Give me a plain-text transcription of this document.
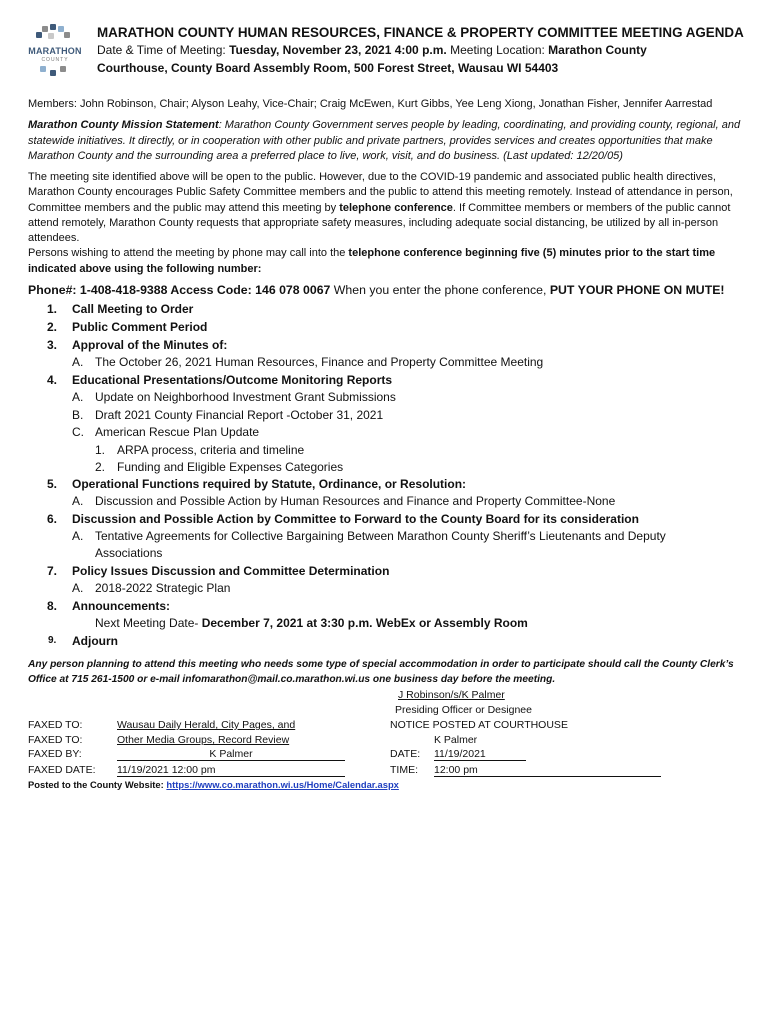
MARATHON
COUNTY
MARATHON COUNTY HUMAN RESOURCES, FINANCE & PROPERTY COMMITTEE MEETING AGENDA
Date & Time of Meeting: Tuesday, November 23, 2021 4:00 p.m. Meeting Location: Marathon County
Courthouse, County Board Assembly Room, 500 Forest Street, Wausau WI 54403
Members: John Robinson, Chair; Alyson Leahy, Vice-Chair; Craig McEwen, Kurt Gibbs, Yee Leng Xiong, Jonathan Fisher, Jennifer Aarrestad
Marathon County Mission Statement: Marathon County Government serves people by leading, coordinating, and providing county, regional, and statewide initiatives. It directly, or in cooperation with other public and private partners, provides services and creates opportunities that make Marathon County and the surrounding area a preferred place to live, work, visit, and do business. (Last updated: 12/20/05)
The meeting site identified above will be open to the public. However, due to the COVID-19 pandemic and associated public health directives, Marathon County encourages Public Safety Committee members and the public to attend this meeting remotely. Instead of attendance in person, Committee members and the public may attend this meeting by telephone conference. If Committee members or members of the public cannot attend remotely, Marathon County requests that appropriate safety measures, including adequate social distancing, be utilized by all in-person attendees.
Persons wishing to attend the meeting by phone may call into the telephone conference beginning five (5) minutes prior to the start time indicated above using the following number:
Phone#: 1-408-418-9388 Access Code: 146 078 0067 When you enter the phone conference, PUT YOUR PHONE ON MUTE!
1. Call Meeting to Order
2. Public Comment Period
3. Approval of the Minutes of:
A. The October 26, 2021 Human Resources, Finance and Property Committee Meeting
4. Educational Presentations/Outcome Monitoring Reports
A. Update on Neighborhood Investment Grant Submissions
B. Draft 2021 County Financial Report -October 31, 2021
C. American Rescue Plan Update
1. ARPA process, criteria and timeline
2. Funding and Eligible Expenses Categories
5. Operational Functions required by Statute, Ordinance, or Resolution:
A. Discussion and Possible Action by Human Resources and Finance and Property Committee-None
6. Discussion and Possible Action by Committee to Forward to the County Board for its consideration
A. Tentative Agreements for Collective Bargaining Between Marathon County Sheriff’s Lieutenants and Deputy
Associations
7. Policy Issues Discussion and Committee Determination
A. 2018-2022 Strategic Plan
8. Announcements:
Next Meeting Date- December 7, 2021 at 3:30 p.m. WebEx or Assembly Room
9. Adjourn
Any person planning to attend this meeting who needs some type of special accommodation in order to participate should call the County Clerk’s Office at 715 261-1500 or e-mail infomarathon@mail.co.marathon.wi.us one business day before the meeting.
J Robinson/s/K Palmer
Presiding Officer or Designee
FAXED TO:	Wausau Daily Herald, City Pages, and
FAXED TO:	Other Media Groups, Record Review
FAXED BY:	K Palmer
FAXED DATE: 11/19/2021 12:00 pm
NOTICE POSTED AT COURTHOUSE
K Palmer
DATE: 11/19/2021
TIME: 12:00 pm
Posted to the County Website: https://www.co.marathon.wi.us/Home/Calendar.aspx
